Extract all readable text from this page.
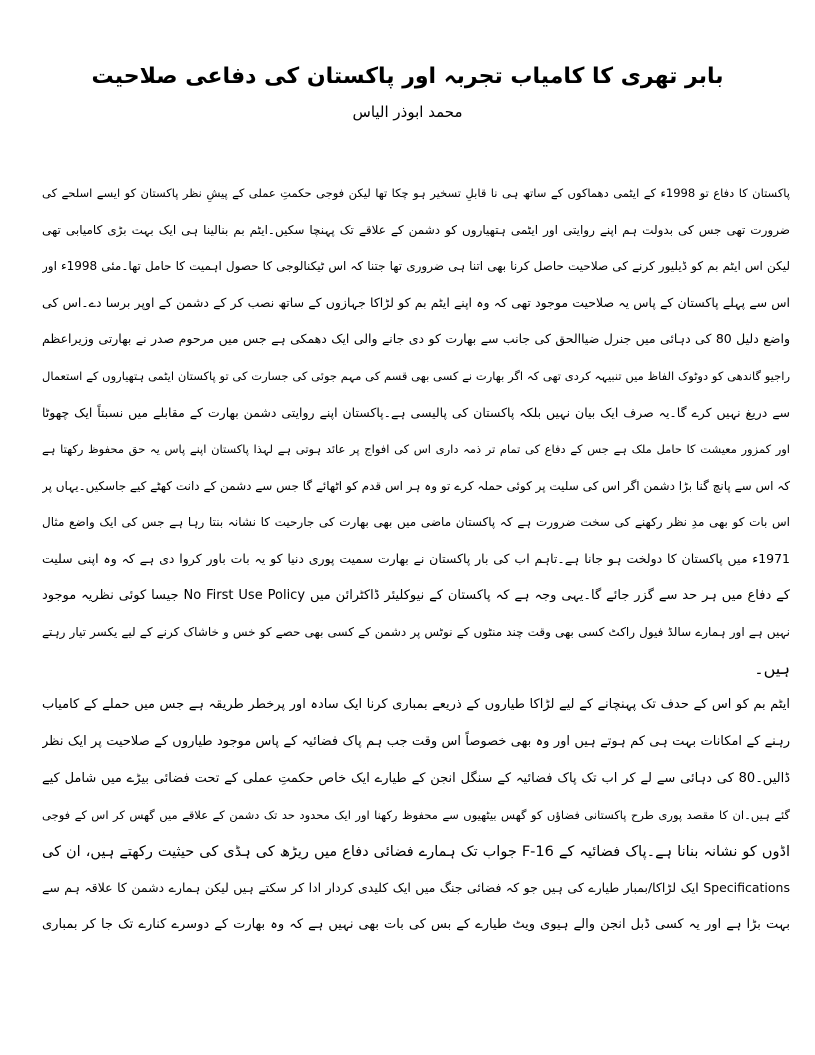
بابر تھری کا کامیاب تجربہ اور پاکستان کی دفاعی صلاحیت
محمد ابوذر الیاس
پاکستان کا دفاع تو 1998ء کے ایٹمی دھماکوں کے ساتھ ہی نا قابلِ تسخیر ہو چکا تھا لیکن فوجی حکمتِ عملی کے پیشِ نظر پاکستان کو ایسے اسلحے کی
ضرورت تھی جس کی بدولت ہم اپنے روایتی اور ایٹمی ہتھیاروں کو دشمن کے علاقے تک پہنچا سکیں۔ایٹم بم بنالینا ہی ایک بہت بڑی کامیابی تھی
لیکن اس ایٹم بم کو ڈیلیور کرنے کی صلاحیت حاصل کرنا بھی اتنا ہی ضروری تھا جتنا کہ اس ٹیکنالوجی کا حصول اہمیت کا حامل تھا۔مئی 1998ء اور
اس سے پہلے پاکستان کے پاس یہ صلاحیت موجود تھی کہ وہ اپنے ایٹم بم کو لڑاکا جہازوں کے ساتھ نصب کر کے دشمن کے اوپر برسا دے۔اس کی
واضع دلیل 80 کی دہائی میں جنرل ضیاالحق کی جانب سے بھارت کو دی جانے والی ایک دھمکی ہے جس میں مرحوم صدر نے بھارتی وزیراعظم
راجیو گاندھی کو دوٹوک الفاظ میں تنبیہہ کردی تھی کہ اگر بھارت نے کسی بھی قسم کی مہم جوئی کی جسارت کی تو پاکستان ایٹمی ہتھیاروں کے استعمال
سے دریغ نہیں کرے گا۔یہ صرف ایک بیان نہیں بلکہ پاکستان کی پالیسی ہے۔پاکستان اپنے روایتی دشمن بھارت کے مقابلے میں نسبتاً ایک چھوٹا
اور کمزور معیشت کا حامل ملک ہے جس کے دفاع کی تمام تر ذمہ داری اس کی افواج پر عائد ہوتی ہے لہذا پاکستان اپنے پاس یہ حق محفوظ رکھتا ہے
کہ اس سے پانچ گنا بڑا دشمن اگر اس کی سلیت پر کوئی حملہ کرے تو وہ ہر اس قدم کو اٹھائے گا جس سے دشمن کے دانت کھٹے کیے جاسکیں۔یہاں پر
اس بات کو بھی مدِ نظر رکھنے کی سخت ضرورت ہے کہ پاکستان ماضی میں بھی بھارت کی جارحیت کا نشانہ بنتا رہا ہے جس کی ایک واضع مثال
1971ء میں پاکستان کا دولخت ہو جانا ہے۔تاہم اب کی بار پاکستان نے بھارت سمیت پوری دنیا کو یہ بات باور کروا دی ہے کہ وہ اپنی سلیت
کے دفاع میں ہر حد سے گزر جائے گا۔یہی وجہ ہے کہ پاکستان کے نیوکلیئر ڈاکٹرائن میں No First Use Policy جیسا کوئی نظریہ موجود
نہیں ہے اور ہمارے سالڈ فیول راکٹ کسی بھی وقت چند منٹوں کے نوٹس پر دشمن کے کسی بھی حصے کو خس و خاشاک کرنے کے لیے یکسر تیار رہتے
ہیں۔
ایٹم بم کو اس کے حدف تک پہنچانے کے لیے لڑاکا طیاروں کے ذریعے بمباری کرنا ایک سادہ اور پرخطر طریقہ ہے جس میں حملے کے کامیاب
رہنے کے امکانات بہت ہی کم ہوتے ہیں اور وہ بھی خصوصاً اس وقت جب ہم پاک فضائیہ کے پاس موجود طیاروں کے صلاحیت پر ایک نظر
ڈالیں۔80 کی دہائی سے لے کر اب تک پاک فضائیہ کے سنگل انجن کے طیارے ایک خاص حکمتِ عملی کے تحت فضائی بیڑے میں شامل کیے
گئے ہیں۔ان کا مقصد پوری طرح پاکستانی فضاؤں کو گھس بیٹھیوں سے محفوظ رکھنا اور ایک محدود حد تک دشمن کے علاقے میں گھس کر اس کے فوجی
اڈوں کو نشانہ بنانا ہے۔پاک فضائیہ کے F-16 جواب تک ہمارے فضائی دفاع میں ریڑھ کی ہڈی کی حیثیت رکھتے ہیں، ان کی
Specifications ایک لڑاکا/بمبار طیارے کی ہیں جو کہ فضائی جنگ میں ایک کلیدی کردار ادا کر سکتے ہیں لیکن ہمارے دشمن کا علاقہ ہم سے
بہت بڑا ہے اور یہ کسی ڈبل انجن والے ہیوی ویٹ طیارے کے بس کی بات بھی نہیں ہے کہ وہ بھارت کے دوسرے کنارے تک جا کر بمباری
